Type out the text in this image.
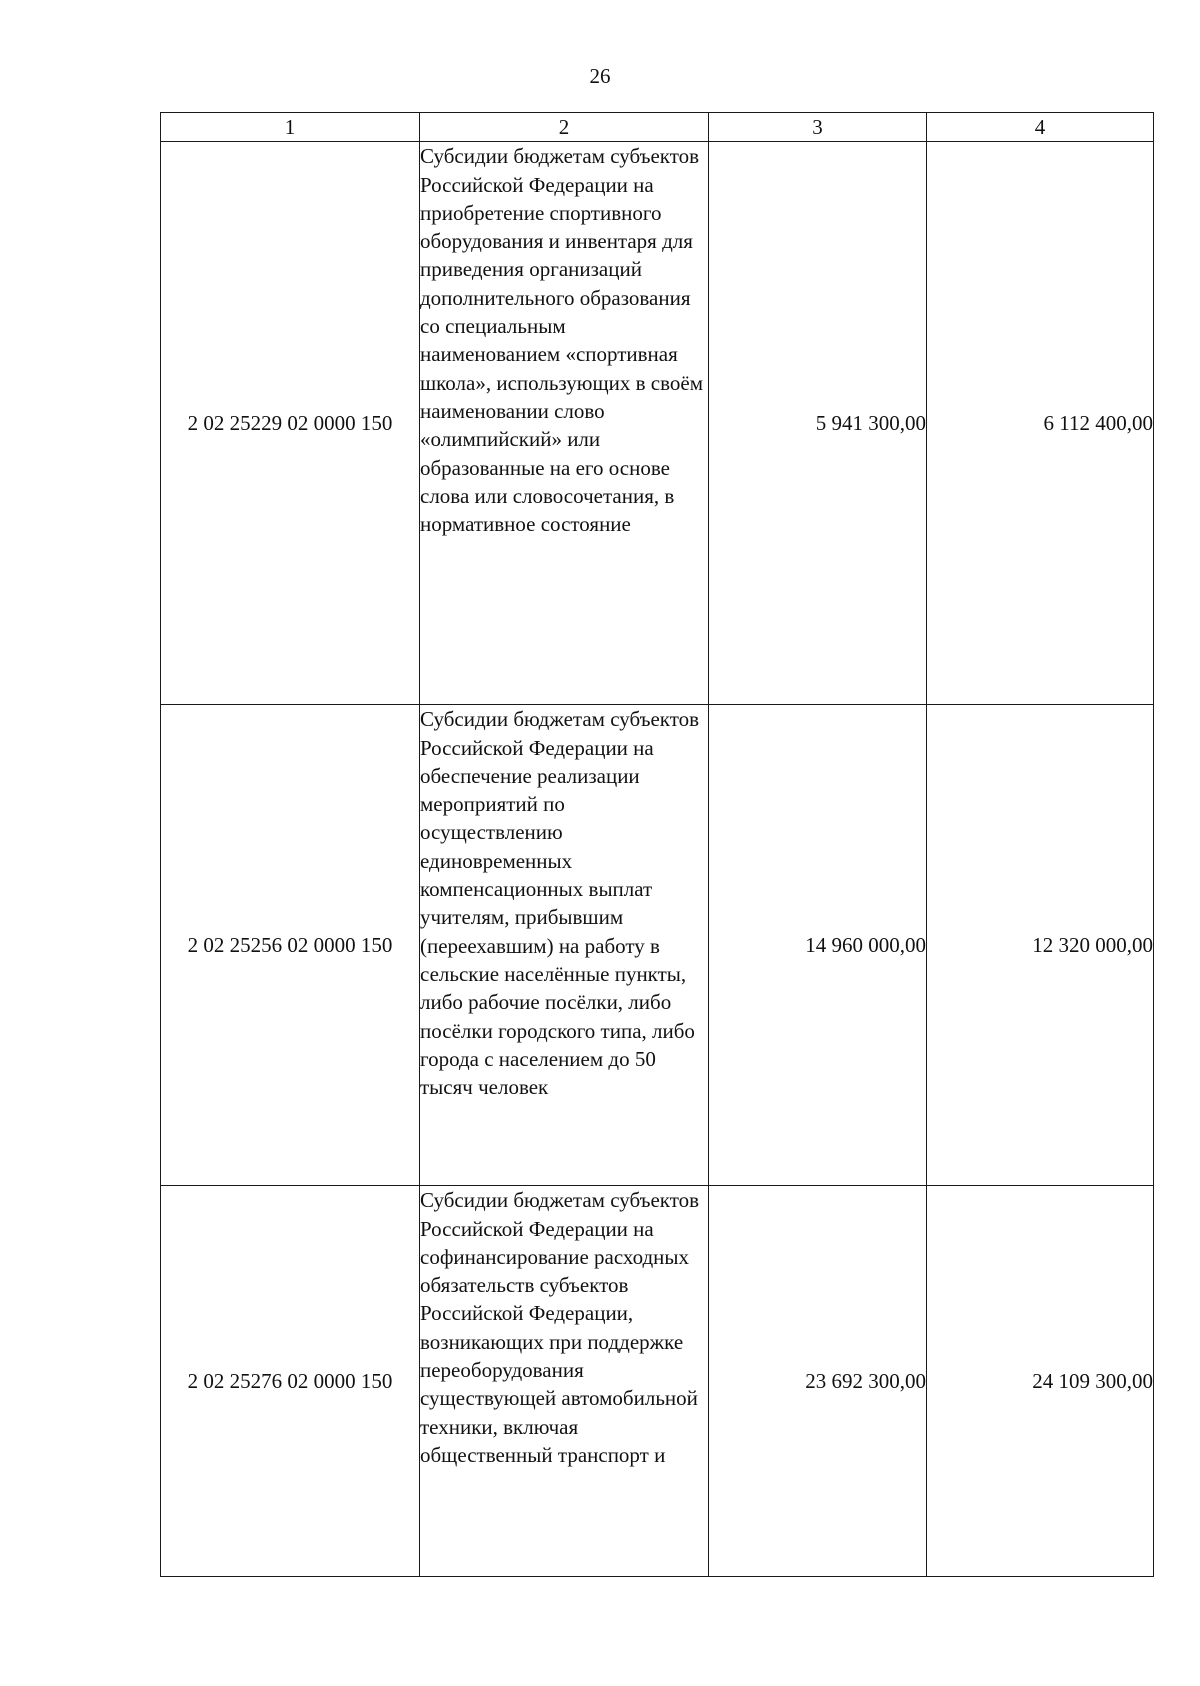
26
1	2	3	4
2 02 25229 02 0000 150	Субсидии бюджетам субъектов Российской Федерации на приобретение спортивного оборудования и инвентаря для приведения организаций дополнительного образования со специальным наименованием «спортивная школа», использующих в своём наименовании слово «олимпийский» или образованные на его основе слова или словосочетания, в нормативное состояние	5 941 300,00	6 112 400,00
2 02 25256 02 0000 150	Субсидии бюджетам субъектов Российской Федерации на обеспечение реализации мероприятий по осуществлению единовременных компенсационных выплат учителям, прибывшим (переехавшим) на работу в сельские населённые пункты, либо рабочие посёлки, либо посёлки городского типа, либо города с населением до 50 тысяч человек	14 960 000,00	12 320 000,00
2 02 25276 02 0000 150	Субсидии бюджетам субъектов Российской Федерации на софинансирование расходных обязательств субъектов Российской Федерации, возникающих при поддержке переоборудования существующей автомобильной техники, включая общественный транспорт и	23 692 300,00	24 109 300,00
